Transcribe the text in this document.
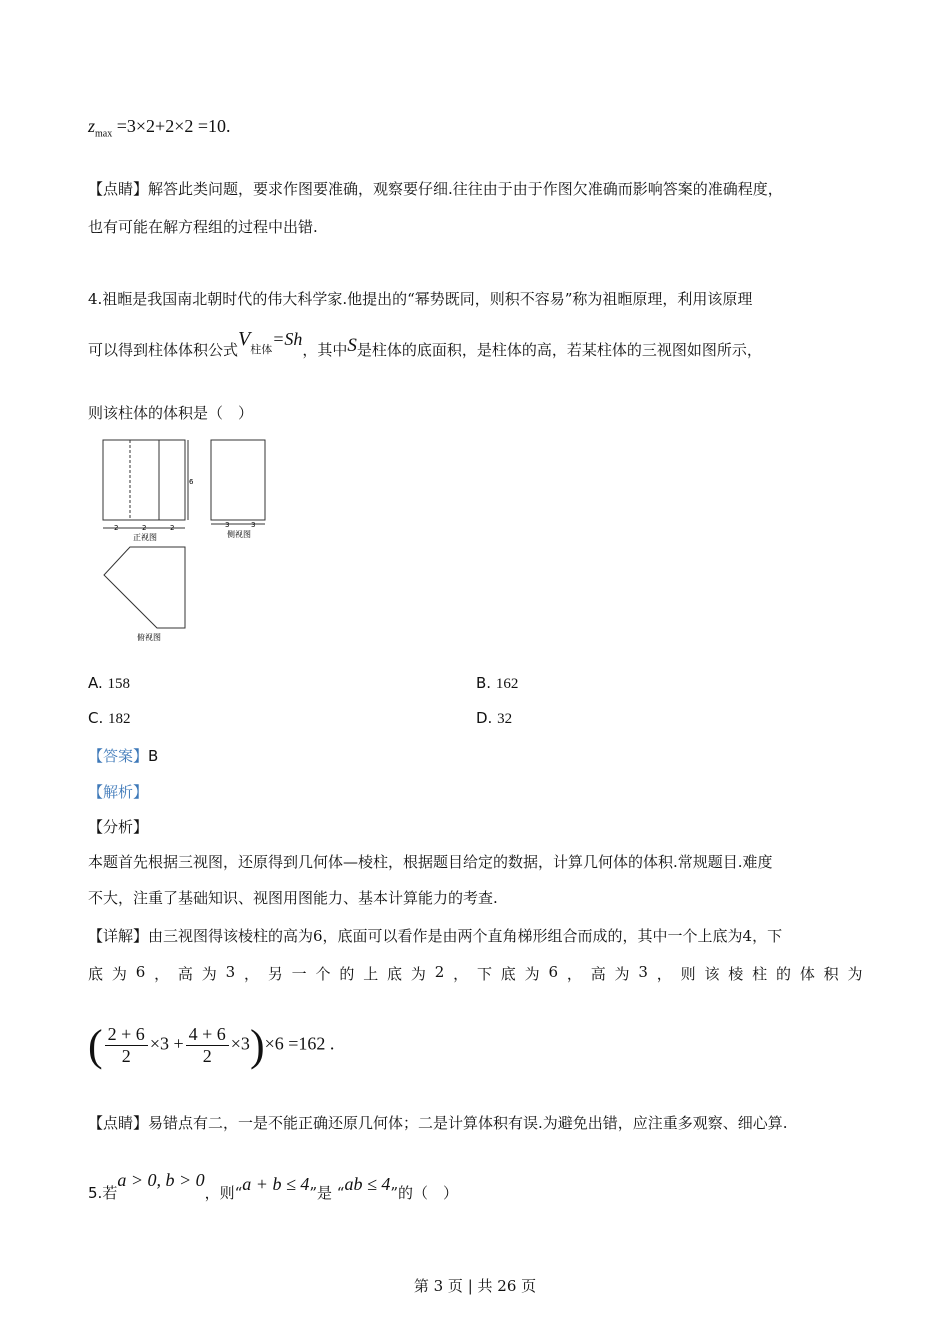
$z_{max} =3\times 2+2\times 2 =10$.
【点睛】解答此类问题，要求作图要准确，观察要仔细.往往由于由于作图欠准确而影响答案的准确程度，
也有可能在解方程组的过程中出错.
4.祖暅是我国南北朝时代的伟大科学家.他提出的“幂势既同，则积不容易”称为祖暅原理，利用该原理
可以得到柱体体积公式$V_{柱体}=Sh$，其中S是柱体的底面积，是柱体的高，若某柱体的三视图如图所示，
则该柱体的体积是（　）
6
2	2	2	3	3
正视图	侧视图
俯视图
A. 158	B. 162
C. 182	D. 32
【答案】B
【解析】
【分析】
本题首先根据三视图，还原得到几何体—棱柱，根据题目给定的数据，计算几何体的体积.常规题目.难度
不大，注重了基础知识、视图用图能力、基本计算能力的考查.
【详解】由三视图得该棱柱的高为6，底面可以看作是由两个直角梯形组合而成的，其中一个上底为4，下
底 为 6 ， 高 为 3 ， 另 一 个 的 上 底 为 2 ， 下 底 为 6 ， 高 为 3 ， 则 该 棱 柱 的 体 积 为
( $\frac{2 + 6}{2} \times 3 + \frac{4 + 6}{2} \times 3)\times 6 =162$ .
【点睛】易错点有二，一是不能正确还原几何体；二是计算体积有误.为避免出错，应注重多观察、细心算.
5.若a > 0, b > 0，则“a + b ≤ 4”是 “ab ≤ 4”的（　）
第 3 页 | 共 26 页
